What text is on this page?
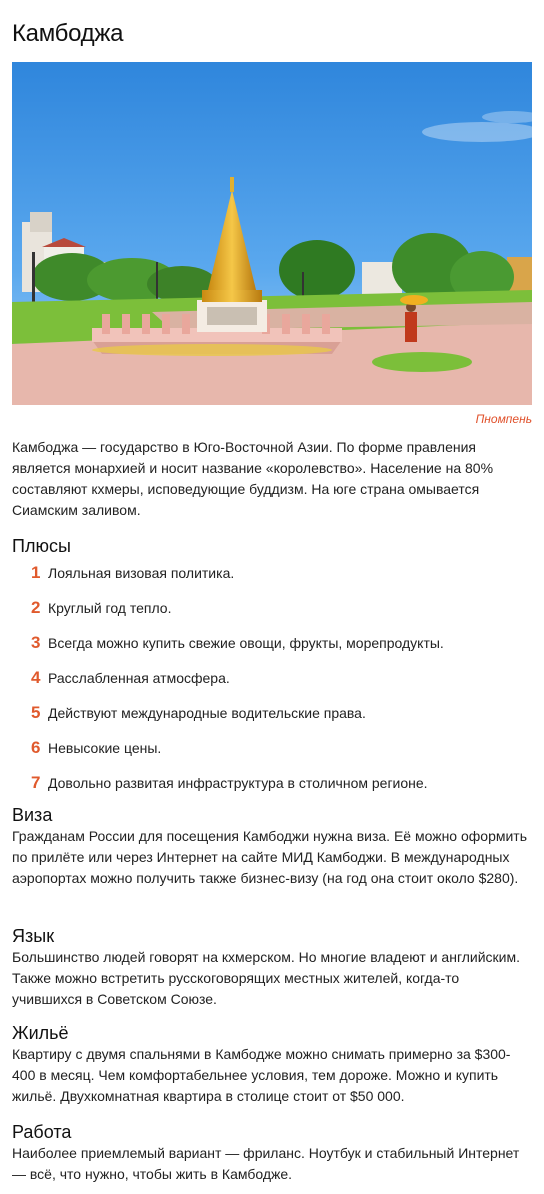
Камбоджа

Пномпень

Камбоджа — государство в Юго-Восточной Азии. По форме правления является монархией и носит название «королевство». Население на 80% составляют кхмеры, исповедующие буддизм. На юге страна омывается Сиамским заливом.

Плюсы
1 Лояльная визовая политика.
2 Круглый год тепло.
3 Всегда можно купить свежие овощи, фрукты, морепродукты.
4 Расслабленная атмосфера.
5 Действуют международные водительские права.
6 Невысокие цены.
7 Довольно развитая инфраструктура в столичном регионе.
Виза

Гражданам России для посещения Камбоджи нужна виза. Её можно оформить по прилёте или через Интернет на сайте МИД Камбоджи. В международных аэропортах можно получить также бизнес-визу (на год она стоит около $280).

Язык

Большинство людей говорят на кхмерском. Но многие владеют и английским. Также можно встретить русскоговорящих местных жителей, когда-то учившихся в Советском Союзе.

Жильё

Квартиру с двумя спальнями в Камбодже можно снимать примерно за $300-400 в месяц. Чем комфортабельнее условия, тем дороже. Можно и купить жильё. Двухкомнатная квартира в столице стоит от $50 000.

Работа

Наиболее приемлемый вариант — фриланс. Ноутбук и стабильный Интернет — всё, что нужно, чтобы жить в Камбодже.
